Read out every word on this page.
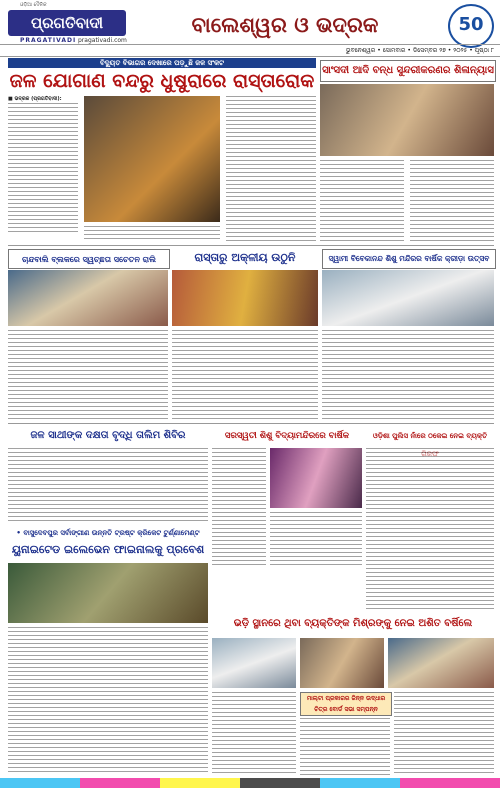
ଓଡ଼ିଆ ଦୈନିକ
ପ୍ରଗତିବାଦୀ
PRAGATIVADI pragativadi.com
ବାଲେଶ୍ୱର ଓ ଭଦ୍ରକ	50
ଭୁବନେଶ୍ୱର • ସୋମବାର • ଡିସେମ୍ବର ୨୭ • ୨୦୨୫ • ପୃଷ୍ଠା ୮
ବିଦ୍ୟୁତ ବିଭାଗର ଦେଖାରେ ପଡ଼ୁଛି ଜଳ ସଂକଟ
ଜଳ ଯୋଗାଣ ବନ୍ଦରୁ ଧୁଷୁରାରେ ରାସ୍ତାରୋକ
■ ଭଦ୍ରକ (ପ୍ରଗତିବାଦୀ):
ସାଂସଦୀ ଆଦି ବନ୍ଧ ସୁନ୍ଦରୀକରଣର ଶିଳାନ୍ୟାସ
ଚାନ୍ଦବାଲି ବ୍ଲକରେ ସ୍ୱଚ୍ଛତା ସଚେତନ ରାଲି	ରାସ୍ତାରୁ ଅକ୍ଳୀୟ ଉଠୁନି	ସ୍ୱାମୀ ବିବେକାନନ୍ଦ ଶିଶୁ ମନ୍ଦିରର ବାର୍ଷିକ କ୍ରୀଡ଼ା ଉତ୍ସବ
ଜଳ ସାଥୀଙ୍କ ଦକ୍ଷତା ବୃଦ୍ଧି ତାଲିମ ଶିବିର	ସରସ୍ୱତୀ ଶିଶୁ ବିଦ୍ୟାମନ୍ଦିରରେ ବାର୍ଷିକ	ଓଡ଼ିଶା ପୁଲିସ ନାଁରେ ଠକେଇ ନେଇ ବ୍ୟକ୍ତି
• ବାସୁଦେବପୁର ସର୍ବାଙ୍ଗୀଣ ଉନ୍ନତି ଟ୍ରଷ୍ଟ କ୍ରିକେଟ ଟୁର୍ଣ୍ଣାମେଣ୍ଟ
ୟୁନାଇଟେଡ ଇଲେଭେନ ଫାଇନାଲକୁ ପ୍ରବେଶ
ଭଡ଼ି ସ୍ଥାନରେ ଥିବା ବ୍ୟକ୍ତିଙ୍କ ମିଶ୍ରଙ୍କୁ ନେଇ ଅଶିତ ବର୍ଷିଲେ
ମାଲ୍ଟା ପ୍ରକାରର ଜିନ୍ନ ଉଦ୍ଧାର ଚିତ୍ର ବୋର୍ଡ ସଭା ସମ୍ପନ୍ନ
